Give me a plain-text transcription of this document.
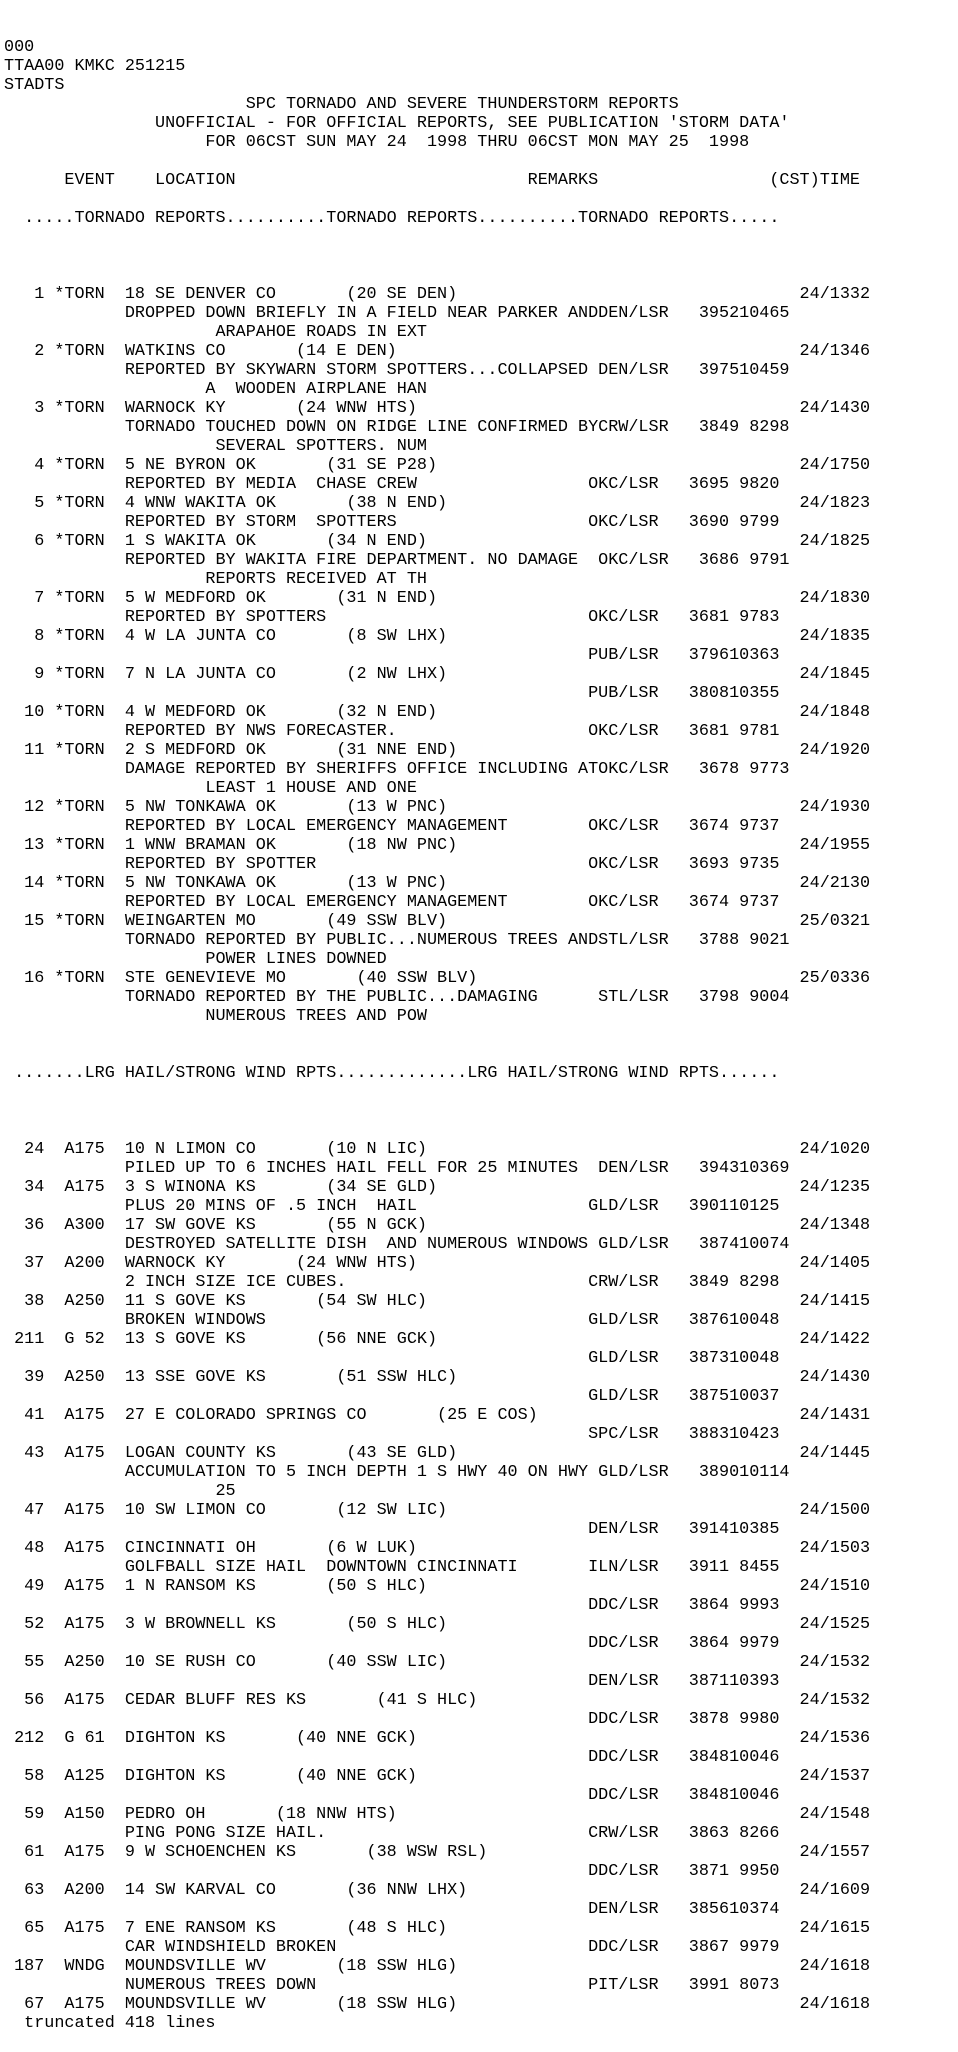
000
TTAA00 KMKC 251215
STADTS
SPC TORNADO AND SEVERE THUNDERSTORM REPORTS
UNOFFICIAL - FOR OFFICIAL REPORTS, SEE PUBLICATION 'STORM DATA'
FOR 06CST SUN MAY 24  1998 THRU 06CST MON MAY 25  1998
EVENT    LOCATION                             REMARKS                 (CST)TIME
.....TORNADO REPORTS..........TORNADO REPORTS..........TORNADO REPORTS.....

1 *TORN  18 SE DENVER CO       (20 SE DEN)                                  24/1332
DROPPED DOWN BRIEFLY IN A FIELD NEAR PARKER ANDDEN/LSR   395210465
ARAPAHOE ROADS IN EXT
2 *TORN  WATKINS CO       (14 E DEN)                                        24/1346
REPORTED BY SKYWARN STORM SPOTTERS...COLLAPSED DEN/LSR   397510459
A  WOODEN AIRPLANE HAN
3 *TORN  WARNOCK KY       (24 WNW HTS)                                      24/1430
TORNADO TOUCHED DOWN ON RIDGE LINE CONFIRMED BYCRW/LSR   3849 8298
SEVERAL SPOTTERS. NUM
4 *TORN  5 NE BYRON OK       (31 SE P28)                                    24/1750
REPORTED BY MEDIA  CHASE CREW                 OKC/LSR   3695 9820
5 *TORN  4 WNW WAKITA OK       (38 N END)                                   24/1823
REPORTED BY STORM  SPOTTERS                   OKC/LSR   3690 9799
6 *TORN  1 S WAKITA OK       (34 N END)                                     24/1825
REPORTED BY WAKITA FIRE DEPARTMENT. NO DAMAGE  OKC/LSR   3686 9791
REPORTS RECEIVED AT TH
7 *TORN  5 W MEDFORD OK       (31 N END)                                    24/1830
REPORTED BY SPOTTERS                          OKC/LSR   3681 9783
8 *TORN  4 W LA JUNTA CO       (8 SW LHX)                                   24/1835
PUB/LSR   379610363
9 *TORN  7 N LA JUNTA CO       (2 NW LHX)                                   24/1845
PUB/LSR   380810355
10 *TORN  4 W MEDFORD OK       (32 N END)                                    24/1848
REPORTED BY NWS FORECASTER.                   OKC/LSR   3681 9781
11 *TORN  2 S MEDFORD OK       (31 NNE END)                                  24/1920
DAMAGE REPORTED BY SHERIFFS OFFICE INCLUDING ATOKC/LSR   3678 9773
LEAST 1 HOUSE AND ONE
12 *TORN  5 NW TONKAWA OK       (13 W PNC)                                   24/1930
REPORTED BY LOCAL EMERGENCY MANAGEMENT        OKC/LSR   3674 9737
13 *TORN  1 WNW BRAMAN OK       (18 NW PNC)                                  24/1955
REPORTED BY SPOTTER                           OKC/LSR   3693 9735
14 *TORN  5 NW TONKAWA OK       (13 W PNC)                                   24/2130
REPORTED BY LOCAL EMERGENCY MANAGEMENT        OKC/LSR   3674 9737
15 *TORN  WEINGARTEN MO       (49 SSW BLV)                                   25/0321
TORNADO REPORTED BY PUBLIC...NUMEROUS TREES ANDSTL/LSR   3788 9021
POWER LINES DOWNED
16 *TORN  STE GENEVIEVE MO       (40 SSW BLV)                                25/0336
TORNADO REPORTED BY THE PUBLIC...DAMAGING      STL/LSR   3798 9004
NUMEROUS TREES AND POW
.......LRG HAIL/STRONG WIND RPTS.............LRG HAIL/STRONG WIND RPTS......

24  A175  10 N LIMON CO       (10 N LIC)                                     24/1020
PILED UP TO 6 INCHES HAIL FELL FOR 25 MINUTES  DEN/LSR   394310369
34  A175  3 S WINONA KS       (34 SE GLD)                                    24/1235
PLUS 20 MINS OF .5 INCH  HAIL                 GLD/LSR   390110125
36  A300  17 SW GOVE KS       (55 N GCK)                                     24/1348
DESTROYED SATELLITE DISH  AND NUMEROUS WINDOWS GLD/LSR   387410074
37  A200  WARNOCK KY       (24 WNW HTS)                                      24/1405
2 INCH SIZE ICE CUBES.                        CRW/LSR   3849 8298
38  A250  11 S GOVE KS       (54 SW HLC)                                     24/1415
BROKEN WINDOWS                                GLD/LSR   387610048
211  G 52  13 S GOVE KS       (56 NNE GCK)                                    24/1422
GLD/LSR   387310048
39  A250  13 SSE GOVE KS       (51 SSW HLC)                                  24/1430
GLD/LSR   387510037
41  A175  27 E COLORADO SPRINGS CO       (25 E COS)                          24/1431
SPC/LSR   388310423
43  A175  LOGAN COUNTY KS       (43 SE GLD)                                  24/1445
ACCUMULATION TO 5 INCH DEPTH 1 S HWY 40 ON HWY GLD/LSR   389010114
25
47  A175  10 SW LIMON CO       (12 SW LIC)                                   24/1500
DEN/LSR   391410385
48  A175  CINCINNATI OH       (6 W LUK)                                      24/1503
GOLFBALL SIZE HAIL  DOWNTOWN CINCINNATI       ILN/LSR   3911 8455
49  A175  1 N RANSOM KS       (50 S HLC)                                     24/1510
DDC/LSR   3864 9993
52  A175  3 W BROWNELL KS       (50 S HLC)                                   24/1525
DDC/LSR   3864 9979
55  A250  10 SE RUSH CO       (40 SSW LIC)                                   24/1532
DEN/LSR   387110393
56  A175  CEDAR BLUFF RES KS       (41 S HLC)                                24/1532
DDC/LSR   3878 9980
212  G 61  DIGHTON KS       (40 NNE GCK)                                      24/1536
DDC/LSR   384810046
58  A125  DIGHTON KS       (40 NNE GCK)                                      24/1537
DDC/LSR   384810046
59  A150  PEDRO OH       (18 NNW HTS)                                        24/1548
PING PONG SIZE HAIL.                          CRW/LSR   3863 8266
61  A175  9 W SCHOENCHEN KS       (38 WSW RSL)                               24/1557
DDC/LSR   3871 9950
63  A200  14 SW KARVAL CO       (36 NNW LHX)                                 24/1609
DEN/LSR   385610374
65  A175  7 ENE RANSOM KS       (48 S HLC)                                   24/1615
CAR WINDSHIELD BROKEN                         DDC/LSR   3867 9979
187  WNDG  MOUNDSVILLE WV       (18 SSW HLG)                                  24/1618
NUMEROUS TREES DOWN                           PIT/LSR   3991 8073
67  A175  MOUNDSVILLE WV       (18 SSW HLG)                                  24/1618
truncated 418 lines
